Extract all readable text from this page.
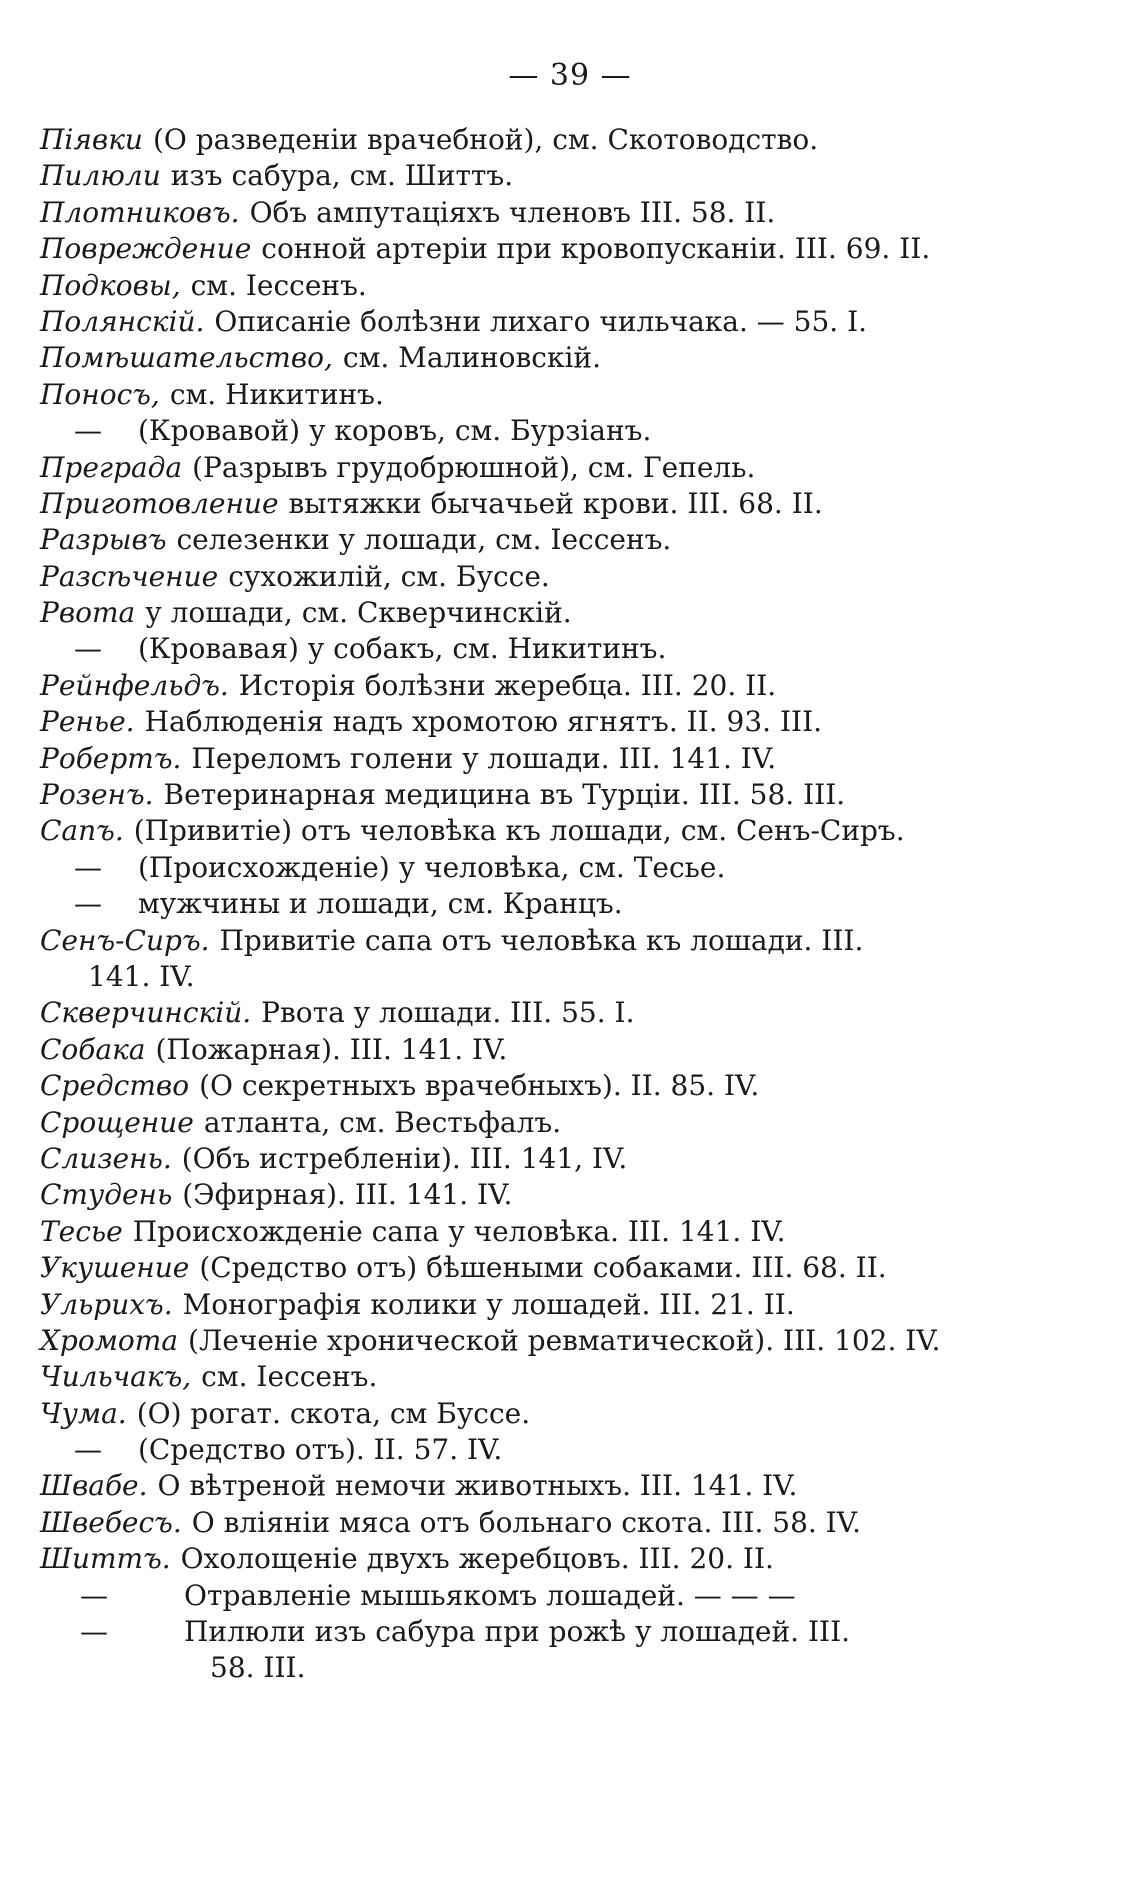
— 39 —
Піявки (О разведеніи врачебной), см. Скотоводство.
Пилюли изъ сабура, см. Шиттъ.
Плотниковъ. Объ ампутаціяхъ членовъ III. 58. II.
Повреждение сонной артеріи при кровопусканіи. III. 69. II.
Подковы, см. Іессенъ.
Полянскій. Описаніе болѣзни лихаго чильчака. — 55. I.
Помѣшательство, см. Малиновскій.
Поносъ, см. Никитинъ.
— (Кровавой) у коровъ, см. Бурзіанъ.
Преграда (Разрывъ грудобрюшной), см. Гепель.
Приготовление вытяжки бычачьей крови. III. 68. II.
Разрывъ селезенки у лошади, см. Іессенъ.
Разсѣчение сухожилій, см. Буссе.
Рвота у лошади, см. Скверчинскій.
— (Кровавая) у собакъ, см. Никитинъ.
Рейнфельдъ. Исторія болѣзни жеребца. III. 20. II.
Ренье. Наблюденія надъ хромотою ягнятъ. II. 93. III.
Робертъ. Переломъ голени у лошади. III. 141. IV.
Розенъ. Ветеринарная медицина въ Турціи. III. 58. III.
Сапъ. (Привитіе) отъ человѣка къ лошади, см. Сенъ-Сиръ.
— (Происхожденіе) у человѣка, см. Тесье.
— мужчины и лошади, см. Кранцъ.
Сенъ-Сиръ. Привитіе сапа отъ человѣка къ лошади. III.
141. IV.
Скверчинскій. Рвота у лошади. III. 55. I.
Собака (Пожарная). III. 141. IV.
Средство (О секретныхъ врачебныхъ). II. 85. IV.
Срощение атланта, см. Вестьфалъ.
Слизень. (Объ истребленіи). III. 141, IV.
Студень (Эфирная). III. 141. IV.
Тесье Происхожденіе сапа у человѣка. III. 141. IV.
Укушение (Средство отъ) бѣшеными собаками. III. 68. II.
Ульрихъ. Монографія колики у лошадей. III. 21. II.
Хромота (Леченіе хронической ревматической). III. 102. IV.
Чильчакъ, см. Іессенъ.
Чума. (О) рогат. скота, см Буссе.
— (Средство отъ). II. 57. IV.
Швабе. О вѣтреной немочи животныхъ. III. 141. IV.
Швебесъ. О вліяніи мяса отъ больнаго скота. III. 58. IV.
Шиттъ. Охолощеніе двухъ жеребцовъ. III. 20. II.
—	Отравленіе мышьякомъ лошадей. — — —
—	Пилюли изъ сабура при рожѣ у лошадей. III.
58. III.
